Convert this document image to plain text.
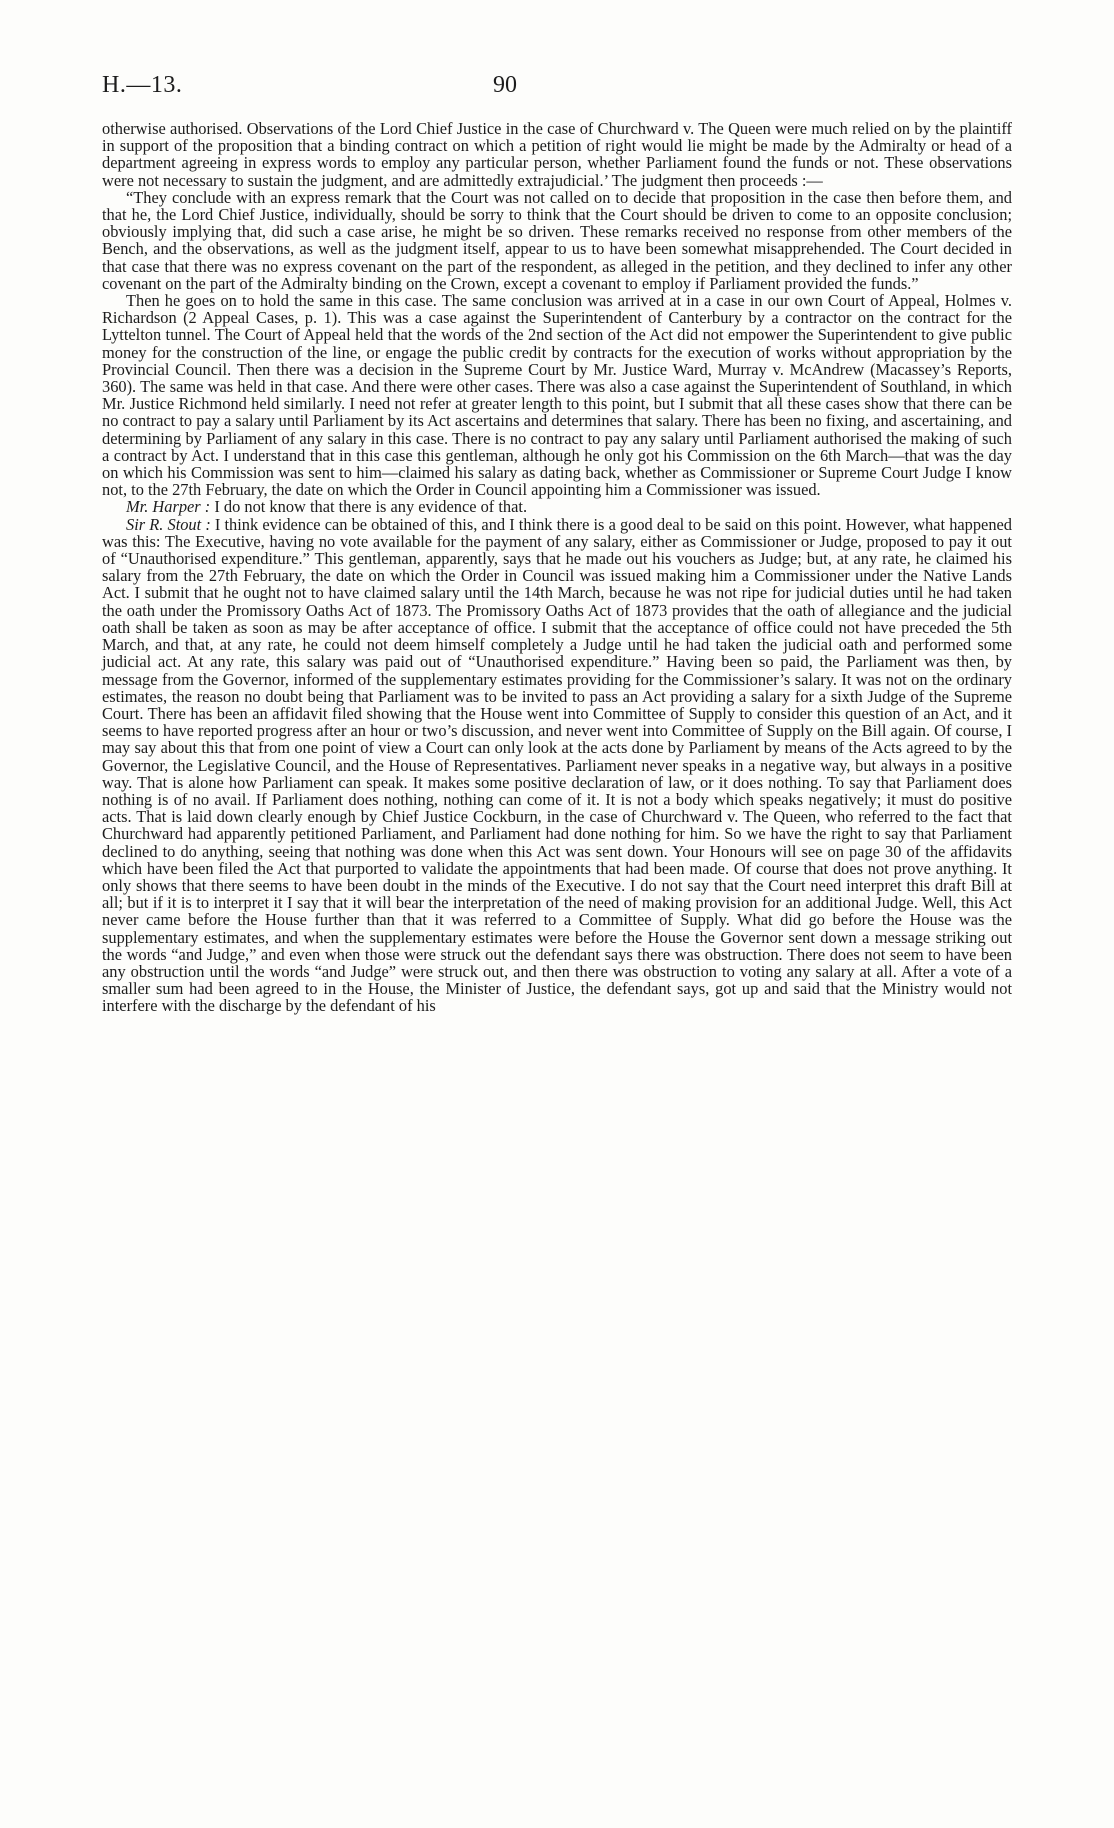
H.—13.	90

otherwise authorised. Observations of the Lord Chief Justice in the case of Churchward v. The Queen were much relied on by the plaintiff in support of the proposition that a binding contract on which a petition of right would lie might be made by the Admiralty or head of a department agreeing in express words to employ any particular person, whether Parliament found the funds or not. These observations were not necessary to sustain the judgment, and are admittedly extrajudicial.’ The judgment then proceeds :—

“They conclude with an express remark that the Court was not called on to decide that proposition in the case then before them, and that he, the Lord Chief Justice, individually, should be sorry to think that the Court should be driven to come to an opposite conclusion; obviously implying that, did such a case arise, he might be so driven. These remarks received no response from other members of the Bench, and the observations, as well as the judgment itself, appear to us to have been somewhat misapprehended. The Court decided in that case that there was no express covenant on the part of the respondent, as alleged in the petition, and they declined to infer any other covenant on the part of the Admiralty binding on the Crown, except a covenant to employ if Parliament provided the funds.”

Then he goes on to hold the same in this case. The same conclusion was arrived at in a case in our own Court of Appeal, Holmes v. Richardson (2 Appeal Cases, p. 1). This was a case against the Superintendent of Canterbury by a contractor on the contract for the Lyttelton tunnel. The Court of Appeal held that the words of the 2nd section of the Act did not empower the Superintendent to give public money for the construction of the line, or engage the public credit by contracts for the execution of works without appropriation by the Provincial Council. Then there was a decision in the Supreme Court by Mr. Justice Ward, Murray v. McAndrew (Macassey’s Reports, 360). The same was held in that case. And there were other cases. There was also a case against the Superintendent of Southland, in which Mr. Justice Richmond held similarly. I need not refer at greater length to this point, but I submit that all these cases show that there can be no contract to pay a salary until Parliament by its Act ascertains and determines that salary. There has been no fixing, and ascertaining, and determining by Parliament of any salary in this case. There is no contract to pay any salary until Parliament authorised the making of such a contract by Act. I understand that in this case this gentleman, although he only got his Commission on the 6th March—that was the day on which his Commission was sent to him—claimed his salary as dating back, whether as Commissioner or Supreme Court Judge I know not, to the 27th February, the date on which the Order in Council appointing him a Commissioner was issued.

Mr. Harper : I do not know that there is any evidence of that.

Sir R. Stout : I think evidence can be obtained of this, and I think there is a good deal to be said on this point. However, what happened was this: The Executive, having no vote available for the payment of any salary, either as Commissioner or Judge, proposed to pay it out of “Unauthorised expenditure.” This gentleman, apparently, says that he made out his vouchers as Judge; but, at any rate, he claimed his salary from the 27th February, the date on which the Order in Council was issued making him a Commissioner under the Native Lands Act. I submit that he ought not to have claimed salary until the 14th March, because he was not ripe for judicial duties until he had taken the oath under the Promissory Oaths Act of 1873. The Promissory Oaths Act of 1873 provides that the oath of allegiance and the judicial oath shall be taken as soon as may be after acceptance of office. I submit that the acceptance of office could not have preceded the 5th March, and that, at any rate, he could not deem himself completely a Judge until he had taken the judicial oath and performed some judicial act. At any rate, this salary was paid out of “Unauthorised expenditure.” Having been so paid, the Parliament was then, by message from the Governor, informed of the supplementary estimates providing for the Commissioner’s salary. It was not on the ordinary estimates, the reason no doubt being that Parliament was to be invited to pass an Act providing a salary for a sixth Judge of the Supreme Court. There has been an affidavit filed showing that the House went into Committee of Supply to consider this question of an Act, and it seems to have reported progress after an hour or two’s discussion, and never went into Committee of Supply on the Bill again. Of course, I may say about this that from one point of view a Court can only look at the acts done by Parliament by means of the Acts agreed to by the Governor, the Legislative Council, and the House of Representatives. Parliament never speaks in a negative way, but always in a positive way. That is alone how Parliament can speak. It makes some positive declaration of law, or it does nothing. To say that Parliament does nothing is of no avail. If Parliament does nothing, nothing can come of it. It is not a body which speaks negatively; it must do positive acts. That is laid down clearly enough by Chief Justice Cockburn, in the case of Churchward v. The Queen, who referred to the fact that Churchward had apparently petitioned Parliament, and Parliament had done nothing for him. So we have the right to say that Parliament declined to do anything, seeing that nothing was done when this Act was sent down. Your Honours will see on page 30 of the affidavits which have been filed the Act that purported to validate the appointments that had been made. Of course that does not prove anything. It only shows that there seems to have been doubt in the minds of the Executive. I do not say that the Court need interpret this draft Bill at all; but if it is to interpret it I say that it will bear the interpretation of the need of making provision for an additional Judge. Well, this Act never came before the House further than that it was referred to a Committee of Supply. What did go before the House was the supplementary estimates, and when the supplementary estimates were before the House the Governor sent down a message striking out the words “and Judge,” and even when those were struck out the defendant says there was obstruction. There does not seem to have been any obstruction until the words “and Judge” were struck out, and then there was obstruction to voting any salary at all. After a vote of a smaller sum had been agreed to in the House, the Minister of Justice, the defendant says, got up and said that the Ministry would not interfere with the discharge by the defendant of his
